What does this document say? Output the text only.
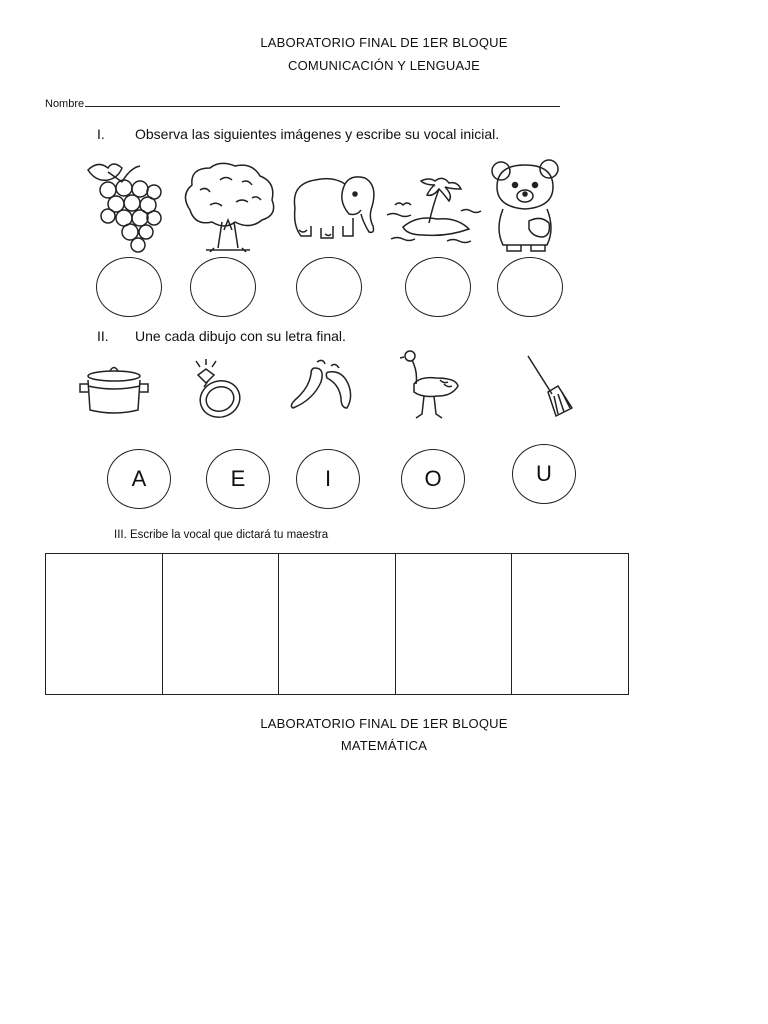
LABORATORIO FINAL DE 1ER BLOQUE
COMUNICACIÓN Y LENGUAJE
Nombre
I. Observa las siguientes imágenes y escribe su vocal inicial.
II. Une cada dibujo con su letra final.
A	E	I	O	U
III. Escribe la vocal que dictará tu maestra
LABORATORIO FINAL DE 1ER BLOQUE
MATEMÁTICA
